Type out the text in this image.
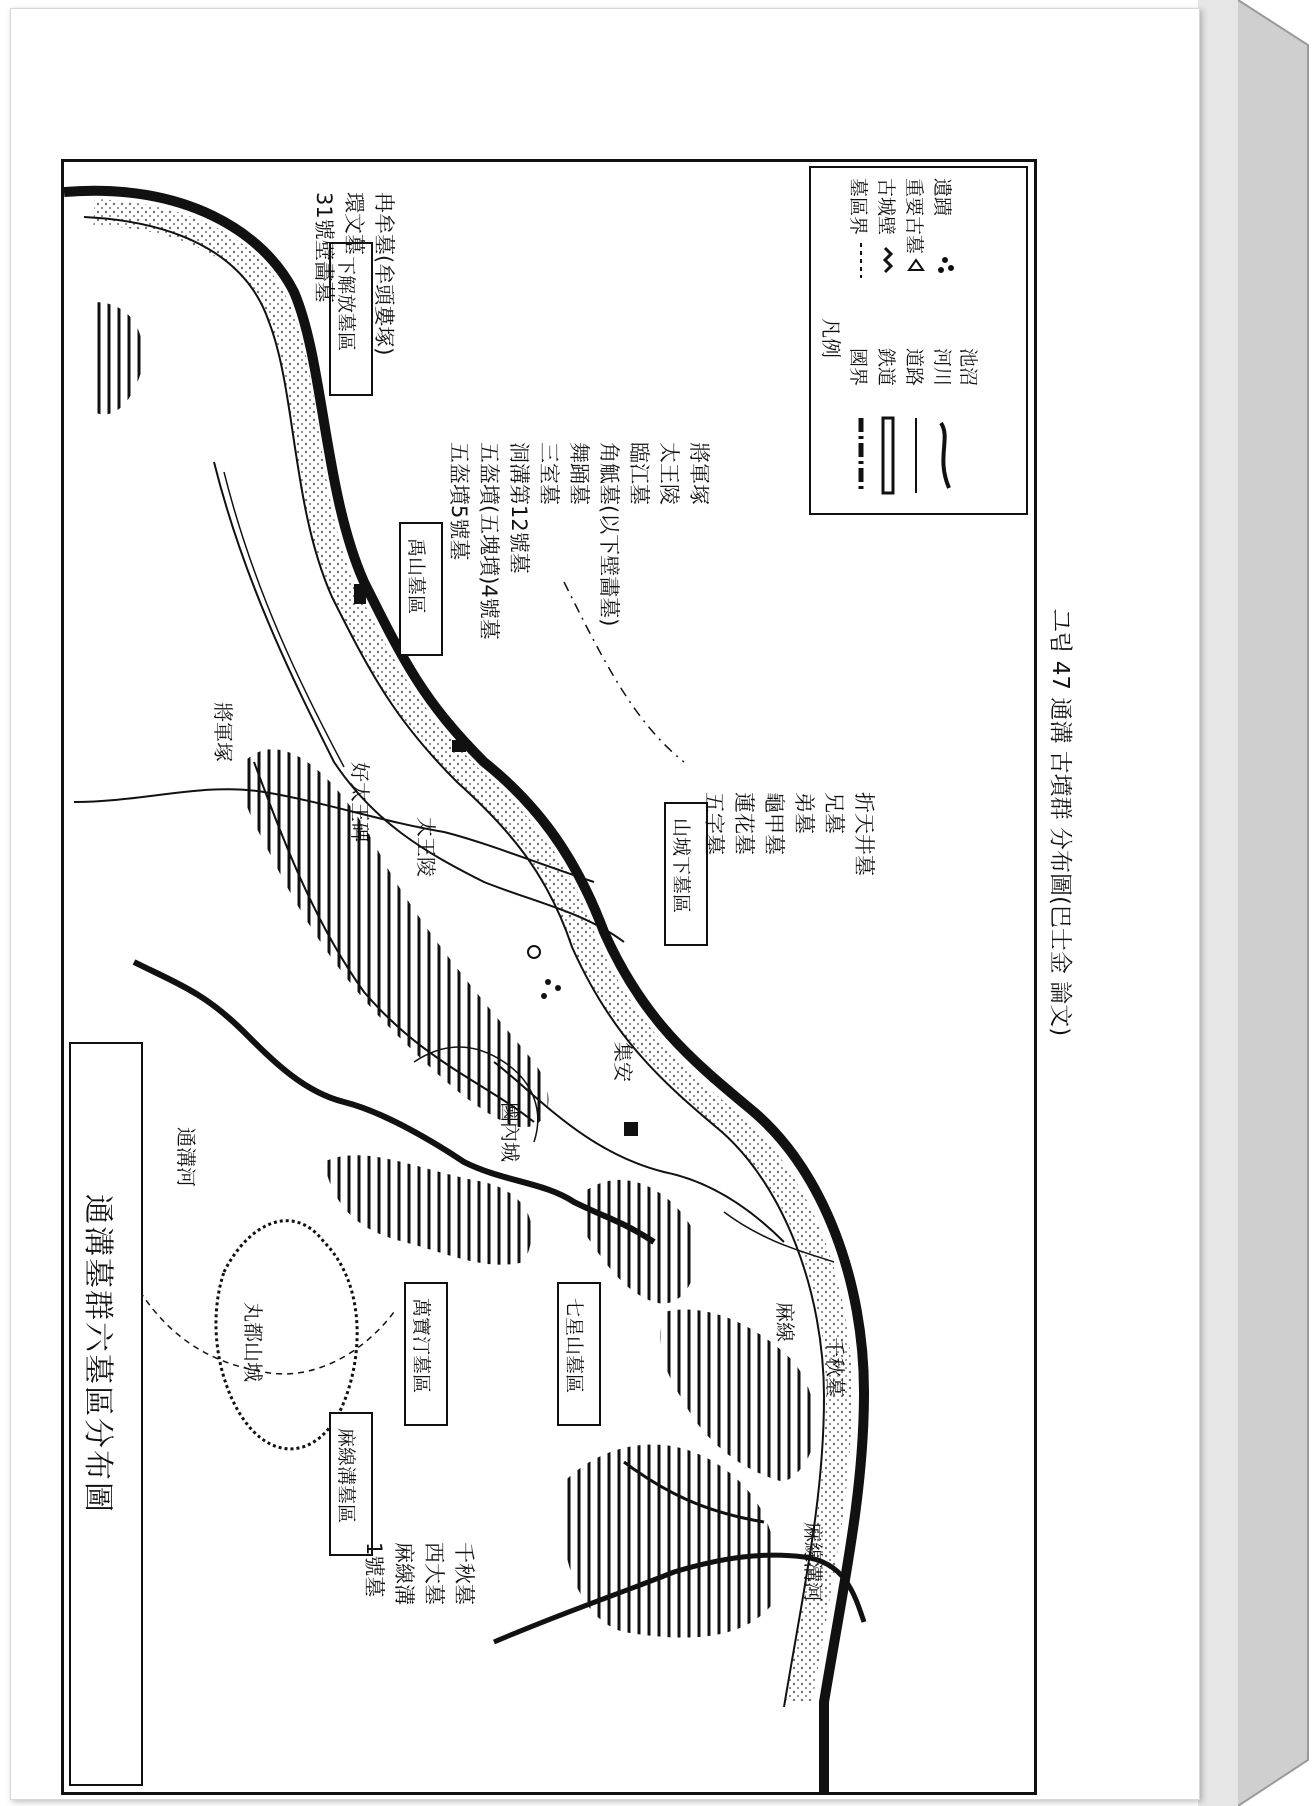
凡例
國界 鉄道 道路 河川 池沼
墓區界 古城壁 重要古墓 遺蹟
通溝墓群六墓區分布圖
下解放墓區 冉牟墓(牟頭婁塚)
環文墓
31號壁畵墓
禹山墓區
將軍塚
太王陵
臨江墓
角觝墓(以下壁畵墓)
舞踊墓
三室墓
洞溝第12號墓
五盔墳(五塊墳)4號墓
五盔墳5號墓
山城下墓區	折天井墓
兄墓
弟墓
龜甲墓
蓮花墓
五字墓
七星山墓區
萬寶汀墓區
麻線溝墓區
千秋墓
西大墓
麻線溝
1號墓
將軍塚
好太王碑
太王陵
國內城
集安
通溝河
丸都山城	麻線
千秋墓
麻線溝河
그림 47 通溝 古墳群 分布圖(巴士金 論文)
